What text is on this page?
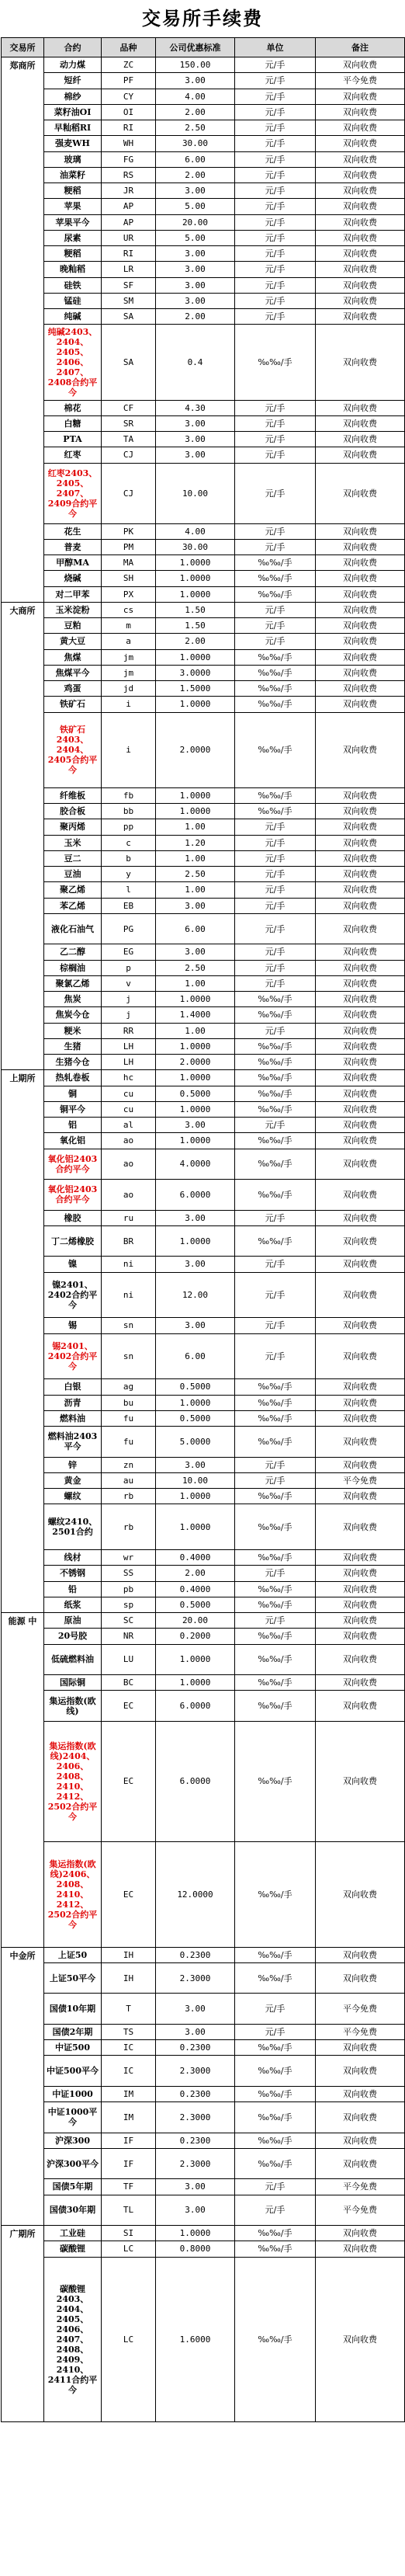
交易所手续费
交易所	合约	品种	公司优惠标准	单位	备注
郑商所	动力煤	ZC	150.00	元/手	双向收费
	短纤	PF	3.00	元/手	平今免费
	棉纱	CY	4.00	元/手	双向收费
	菜籽油OI	OI	2.00	元/手	双向收费
	早籼稻RI	RI	2.50	元/手	双向收费
	强麦WH	WH	30.00	元/手	双向收费
	玻璃	FG	6.00	元/手	双向收费
	油菜籽	RS	2.00	元/手	双向收费
	粳稻	JR	3.00	元/手	双向收费
	苹果	AP	5.00	元/手	双向收费
	苹果平今	AP	20.00	元/手	双向收费
	尿素	UR	5.00	元/手	双向收费
	粳稻	RI	3.00	元/手	双向收费
	晚籼稻	LR	3.00	元/手	双向收费
	硅铁	SF	3.00	元/手	双向收费
	锰硅	SM	3.00	元/手	双向收费
	纯碱	SA	2.00	元/手	双向收费
	纯碱2403、2404、2405、2406、2407、2408合约平今	SA	0.4	‰‰/手	双向收费
	棉花	CF	4.30	元/手	双向收费
	白糖	SR	3.00	元/手	双向收费
	PTA	TA	3.00	元/手	双向收费
	红枣	CJ	3.00	元/手	双向收费
	红枣2403、2405、2407、2409合约平今	CJ	10.00	元/手	双向收费
	花生	PK	4.00	元/手	双向收费
	普麦	PM	30.00	元/手	双向收费
	甲醇MA	MA	1.0000	‰‰/手	双向收费
	烧碱	SH	1.0000	‰‰/手	双向收费
	对二甲苯	PX	1.0000	‰‰/手	双向收费
大商所	玉米淀粉	cs	1.50	元/手	双向收费
	豆粕	m	1.50	元/手	双向收费
	黄大豆	a	2.00	元/手	双向收费
	焦煤	jm	1.0000	‰‰/手	双向收费
	焦煤平今	jm	3.0000	‰‰/手	双向收费
	鸡蛋	jd	1.5000	‰‰/手	双向收费
	铁矿石	i	1.0000	‰‰/手	双向收费
	铁矿石2403、2404、2405合约平今	i	2.0000	‰‰/手	双向收费
	纤维板	fb	1.0000	‰‰/手	双向收费
	胶合板	bb	1.0000	‰‰/手	双向收费
	聚丙烯	pp	1.00	元/手	双向收费
	玉米	c	1.20	元/手	双向收费
	豆二	b	1.00	元/手	双向收费
	豆油	y	2.50	元/手	双向收费
	聚乙烯	l	1.00	元/手	双向收费
	苯乙烯	EB	3.00	元/手	双向收费
	液化石油气	PG	6.00	元/手	双向收费
	乙二醇	EG	3.00	元/手	双向收费
	棕榈油	p	2.50	元/手	双向收费
	聚氯乙烯	v	1.00	元/手	双向收费
	焦炭	j	1.0000	‰‰/手	双向收费
	焦炭今仓	j	1.4000	‰‰/手	双向收费
	粳米	RR	1.00	元/手	双向收费
	生猪	LH	1.0000	‰‰/手	双向收费
	生猪今仓	LH	2.0000	‰‰/手	双向收费
上期所	热轧卷板	hc	1.0000	‰‰/手	双向收费
	铜	cu	0.5000	‰‰/手	双向收费
	铜平今	cu	1.0000	‰‰/手	双向收费
	铝	al	3.00	元/手	双向收费
	氧化铝	ao	1.0000	‰‰/手	双向收费
	氧化铝2403合约平今	ao	4.0000	‰‰/手	双向收费
	氧化铝2403合约平今	ao	6.0000	‰‰/手	双向收费
	橡胶	ru	3.00	元/手	双向收费
	丁二烯橡胶	BR	1.0000	‰‰/手	双向收费
	镍	ni	3.00	元/手	双向收费
	镍2401、2402合约平今	ni	12.00	元/手	双向收费
	锡	sn	3.00	元/手	双向收费
	锡2401、2402合约平今	sn	6.00	元/手	双向收费
	白银	ag	0.5000	‰‰/手	双向收费
	沥青	bu	1.0000	‰‰/手	双向收费
	燃料油	fu	0.5000	‰‰/手	双向收费
	燃料油2403平今	fu	5.0000	‰‰/手	双向收费
	锌	zn	3.00	元/手	双向收费
	黄金	au	10.00	元/手	平今免费
	螺纹	rb	1.0000	‰‰/手	双向收费
	螺纹2410、2501合约	rb	1.0000	‰‰/手	双向收费
	线材	wr	0.4000	‰‰/手	双向收费
	不锈钢	SS	2.00	元/手	双向收费
	铅	pb	0.4000	‰‰/手	双向收费
	纸浆	sp	0.5000	‰‰/手	双向收费
能源 中	原油	SC	20.00	元/手	双向收费
	20号胶	NR	0.2000	‰‰/手	双向收费
	低硫燃料油	LU	1.0000	‰‰/手	双向收费
	国际铜	BC	1.0000	‰‰/手	双向收费
	集运指数(欧线)	EC	6.0000	‰‰/手	双向收费
	集运指数(欧线)2404、2406、2408、2410、2412、2502合约平今	EC	6.0000	‰‰/手	双向收费
	集运指数(欧线)2406、2408、2410、2412、2502合约平今	EC	12.0000	‰‰/手	双向收费
中金所	上证50	IH	0.2300	‰‰/手	双向收费
	上证50平今	IH	2.3000	‰‰/手	双向收费
	国债10年期	T	3.00	元/手	平今免费
	国债2年期	TS	3.00	元/手	平今免费
	中证500	IC	0.2300	‰‰/手	双向收费
	中证500平今	IC	2.3000	‰‰/手	双向收费
	中证1000	IM	0.2300	‰‰/手	双向收费
	中证1000平今	IM	2.3000	‰‰/手	双向收费
	沪深300	IF	0.2300	‰‰/手	双向收费
	沪深300平今	IF	2.3000	‰‰/手	双向收费
	国债5年期	TF	3.00	元/手	平今免费
	国债30年期	TL	3.00	元/手	平今免费
广期所	工业硅	SI	1.0000	‰‰/手	双向收费
	碳酸锂	LC	0.8000	‰‰/手	双向收费
	碳酸锂2403、2404、2405、2406、2407、2408、2409、2410、2411合约平今	LC	1.6000	‰‰/手	双向收费
